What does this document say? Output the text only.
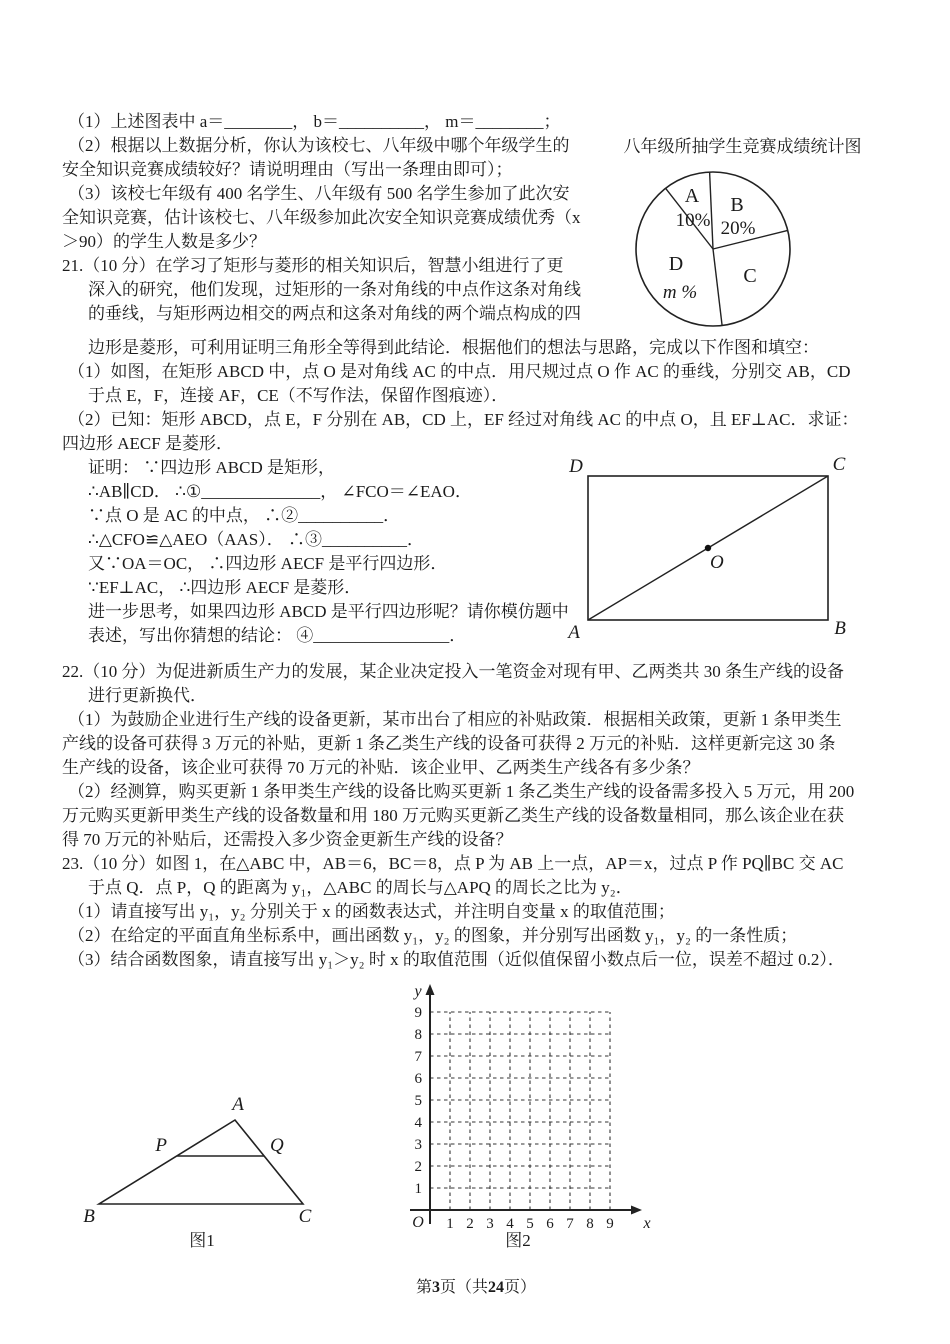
（1）上述图表中 a＝________， b＝__________， m＝________；
八年级所抽学生竞赛成绩统计图
A
10%
B
20%
C
D
m %
（2）根据以上数据分析，你认为该校七、八年级中哪个年级学生的
安全知识竞赛成绩较好？请说明理由（写出一条理由即可）；
（3）该校七年级有 400 名学生、八年级有 500 名学生参加了此次安
全知识竞赛，估计该校七、八年级参加此次安全知识竞赛成绩优秀（x
＞90）的学生人数是多少？
21.（10 分）在学习了矩形与菱形的相关知识后，智慧小组进行了更
深入的研究，他们发现，过矩形的一条对角线的中点作这条对角线
的垂线，与矩形两边相交的两点和这条对角线的两个端点构成的四
边形是菱形，可利用证明三角形全等得到此结论．根据他们的想法与思路，完成以下作图和填空：
（1）如图，在矩形 ABCD 中，点 O 是对角线 AC 的中点．用尺规过点 O 作 AC 的垂线，分别交 AB，CD
于点 E，F，连接 AF，CE（不写作法，保留作图痕迹）．
（2）已知：矩形 ABCD，点 E，F 分别在 AB，CD 上，EF 经过对角线 AC 的中点 O，且 EF⊥AC．求证：
四边形 AECF 是菱形．
D	C
A	B
O
证明： ∵四边形 ABCD 是矩形，
∴AB∥CD． ∴①______________， ∠FCO＝∠EAO．
∵点 O 是 AC 的中点， ∴②__________．
∴△CFO≌△AEO（AAS）． ∴③__________．
又∵OA＝OC， ∴四边形 AECF 是平行四边形．
∵EF⊥AC， ∴四边形 AECF 是菱形．
进一步思考，如果四边形 ABCD 是平行四边形呢？请你模仿题中
表述，写出你猜想的结论： ④________________．
22.（10 分）为促进新质生产力的发展，某企业决定投入一笔资金对现有甲、乙两类共 30 条生产线的设备
进行更新换代．
（1）为鼓励企业进行生产线的设备更新，某市出台了相应的补贴政策．根据相关政策，更新 1 条甲类生
产线的设备可获得 3 万元的补贴，更新 1 条乙类生产线的设备可获得 2 万元的补贴．这样更新完这 30 条
生产线的设备，该企业可获得 70 万元的补贴．该企业甲、乙两类生产线各有多少条？
（2）经测算，购买更新 1 条甲类生产线的设备比购买更新 1 条乙类生产线的设备需多投入 5 万元，用 200
万元购买更新甲类生产线的设备数量和用 180 万元购买更新乙类生产线的设备数量相同，那么该企业在获
得 70 万元的补贴后，还需投入多少资金更新生产线的设备？
23.（10 分）如图 1，在△ABC 中，AB＝6，BC＝8，点 P 为 AB 上一点，AP＝x，过点 P 作 PQ∥BC 交 AC
于点 Q．点 P，Q 的距离为 y₁，△ABC 的周长与△APQ 的周长之比为 y₂．
（1）请直接写出 y₁，y₂ 分别关于 x 的函数表达式，并注明自变量 x 的取值范围；
（2）在给定的平面直角坐标系中，画出函数 y₁，y₂ 的图象，并分别写出函数 y₁，y₂ 的一条性质；
（3）结合函数图象，请直接写出 y₁＞y₂ 时 x 的取值范围（近似值保留小数点后一位，误差不超过 0.2）．
A
B	C
P	Q
图1
9
8
7
6
5
4
3
2
1
1 2 3 4 5 6 7 8 9
O
y
x
图2
第3页（共24页）
